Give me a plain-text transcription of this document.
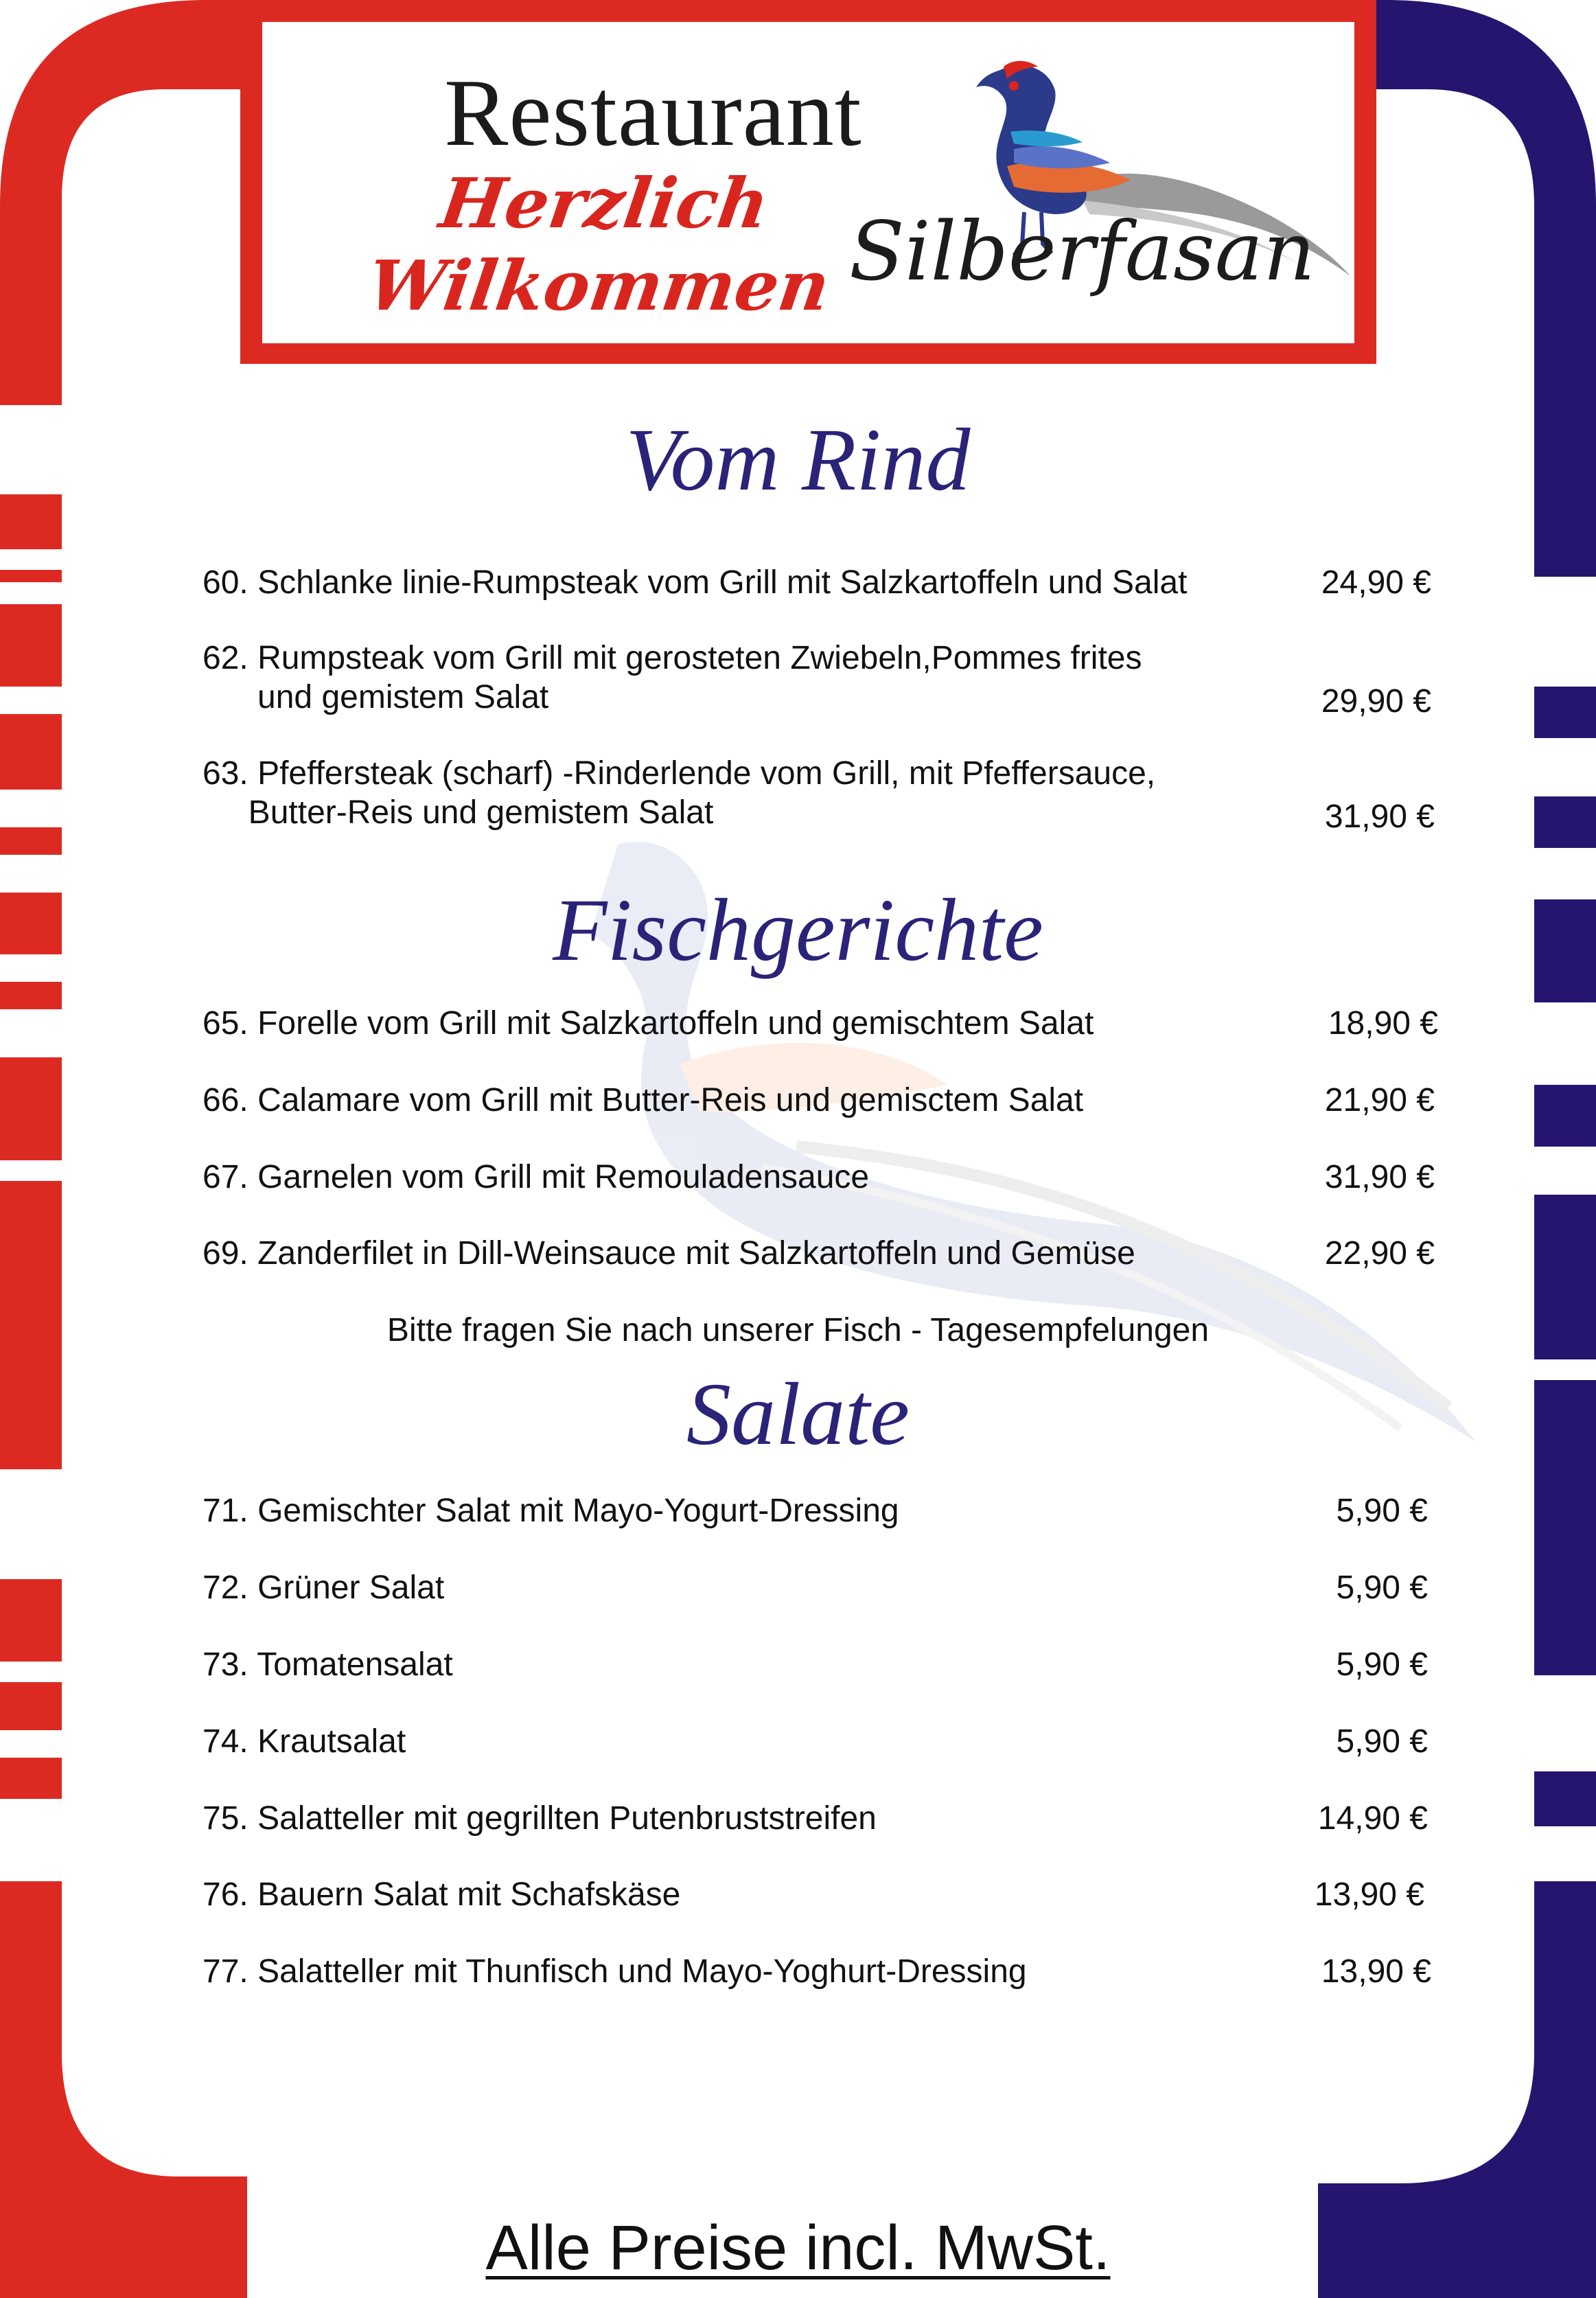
Restaurant
Herzlich
Wilkommen Silberfasan
Vom Rind
60. Schlanke linie-Rumpsteak vom Grill mit Salzkartoffeln und Salat	24,90 €
62. Rumpsteak vom Grill mit gerosteten Zwiebeln,Pommes frites
und gemistem Salat	29,90 €
63. Pfeffersteak (scharf) -Rinderlende vom Grill, mit Pfeffersauce,
Butter-Reis und gemistem Salat	31,90 €
Fischgerichte
65. Forelle vom Grill mit Salzkartoffeln und gemischtem Salat	18,90 €
66. Calamare vom Grill mit Butter-Reis und gemisctem Salat	21,90 €
67. Garnelen vom Grill mit Remouladensauce	31,90 €
69. Zanderfilet in Dill-Weinsauce mit Salzkartoffeln und Gemüse	22,90 €
Bitte fragen Sie nach unserer Fisch - Tagesempfelungen
Salate
71. Gemischter Salat mit Mayo-Yogurt-Dressing	5,90 €
72. Grüner Salat	5,90 €
73. Tomatensalat	5,90 €
74. Krautsalat	5,90 €
75. Salatteller mit gegrillten Putenbruststreifen	14,90 €
76. Bauern Salat mit Schafskäse	13,90 €
77. Salatteller mit Thunfisch und Mayo-Yoghurt-Dressing	13,90 €
Alle Preise incl. MwSt.
